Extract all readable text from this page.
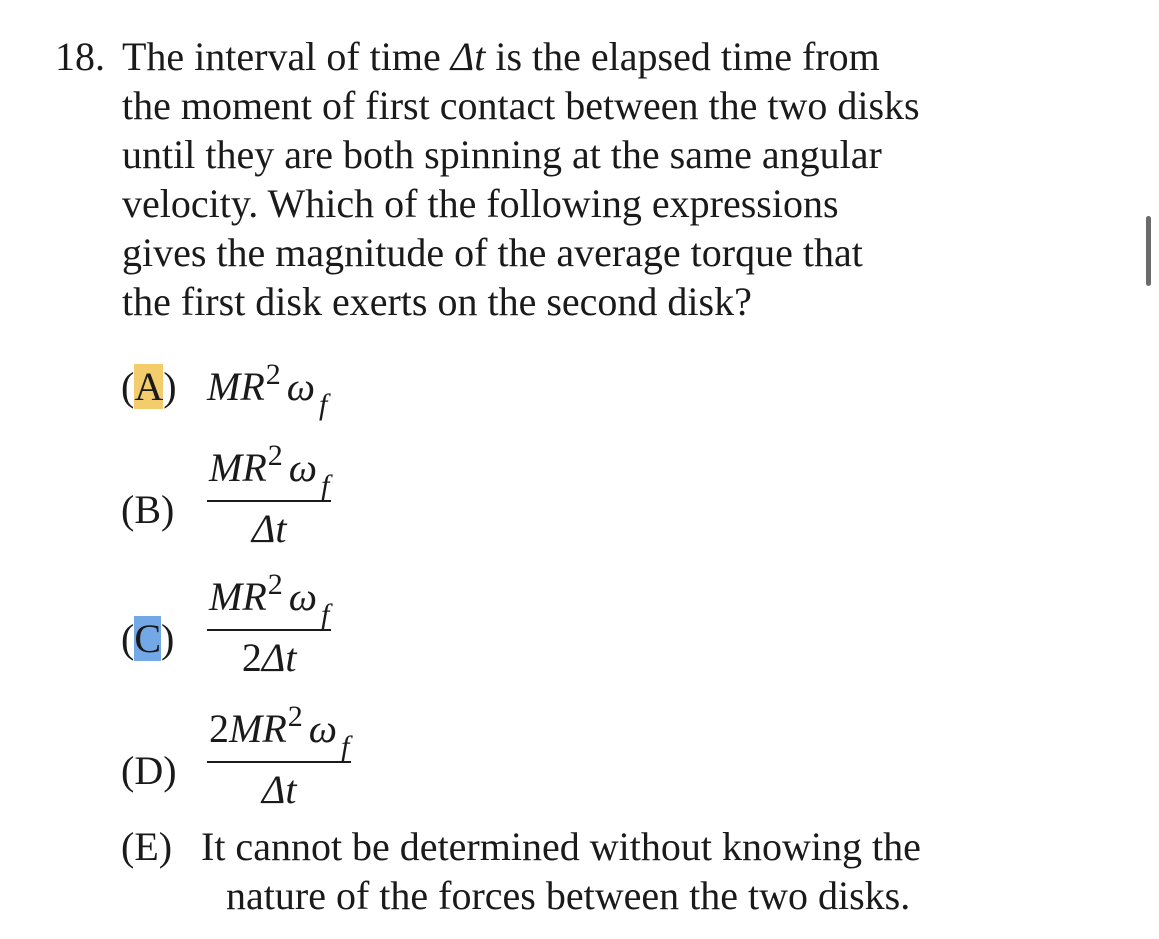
18. The interval of time Δt is the elapsed time from
the moment of first contact between the two disks
until they are both spinning at the same angular
velocity. Which of the following expressions
gives the magnitude of the average torque that
the first disk exerts on the second disk?
(A) $MR^2$ ω $_f$
(B)
$MR^2$ ω $_f$
Δt
(C)
$MR^2$ ω $_f$
2Δt
(D)
$2MR^2$ ω $_f$
Δt
(E) It cannot be determined without knowing the
nature of the forces between the two disks.
